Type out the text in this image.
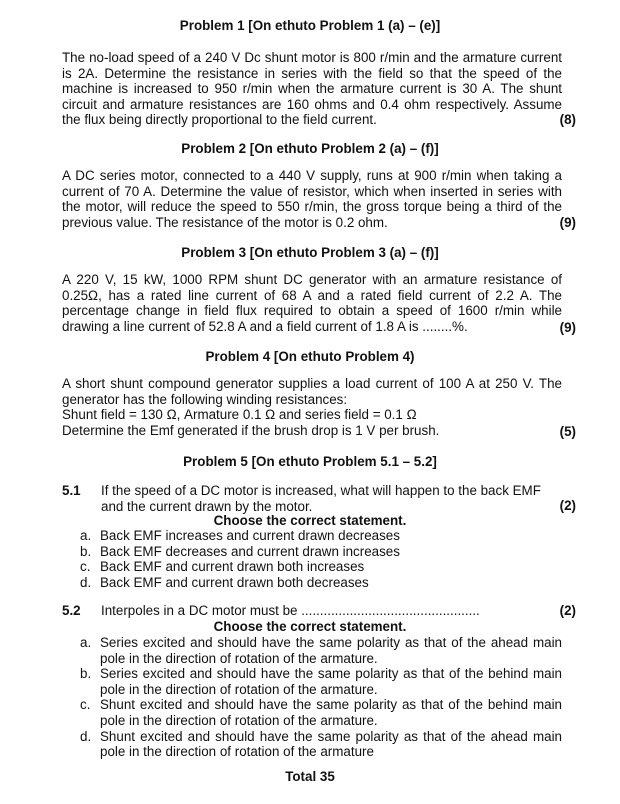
Problem 1 [On ethuto Problem 1 (a) – (e)]
The no-load speed of a 240 V Dc shunt motor is 800 r/min and the armature current is 2A. Determine the resistance in series with the field so that the speed of the machine is increased to 950 r/min when the armature current is 30 A. The shunt circuit and armature resistances are 160 ohms and 0.4 ohm respectively. Assume the flux being directly proportional to the field current.	(8)
Problem 2 [On ethuto Problem 2 (a) – (f)]
A DC series motor, connected to a 440 V supply, runs at 900 r/min when taking a current of 70 A. Determine the value of resistor, which when inserted in series with the motor, will reduce the speed to 550 r/min, the gross torque being a third of the previous value. The resistance of the motor is 0.2 ohm.	(9)
Problem 3 [On ethuto Problem 3 (a) – (f)]
A 220 V, 15 kW, 1000 RPM shunt DC generator with an armature resistance of 0.25Ω, has a rated line current of 68 A and a rated field current of 2.2 A. The percentage change in field flux required to obtain a speed of 1600 r/min while drawing a line current of 52.8 A and a field current of 1.8 A is ........%.	(9)
Problem 4 [On ethuto Problem 4)
A short shunt compound generator supplies a load current of 100 A at 250 V. The generator has the following winding resistances:
Shunt field = 130 Ω, Armature 0.1 Ω and series field = 0.1 Ω
Determine the Emf generated if the brush drop is 1 V per brush.	(5)
Problem 5 [On ethuto Problem 5.1 – 5.2]
5.1 If the speed of a DC motor is increased, what will happen to the back EMF and the current drawn by the motor.	(2)
Choose the correct statement.
a. Back EMF increases and current drawn decreases
b. Back EMF decreases and current drawn increases
c. Back EMF and current drawn both increases
d. Back EMF and current drawn both decreases
5.2 Interpoles in a DC motor must be ................................................	(2)
Choose the correct statement.
a. Series excited and should have the same polarity as that of the ahead main pole in the direction of rotation of the armature.
b. Series excited and should have the same polarity as that of the behind main pole in the direction of rotation of the armature.
c. Shunt excited and should have the same polarity as that of the behind main pole in the direction of rotation of the armature.
d. Shunt excited and should have the same polarity as that of the ahead main pole in the direction of rotation of the armature
Total 35
